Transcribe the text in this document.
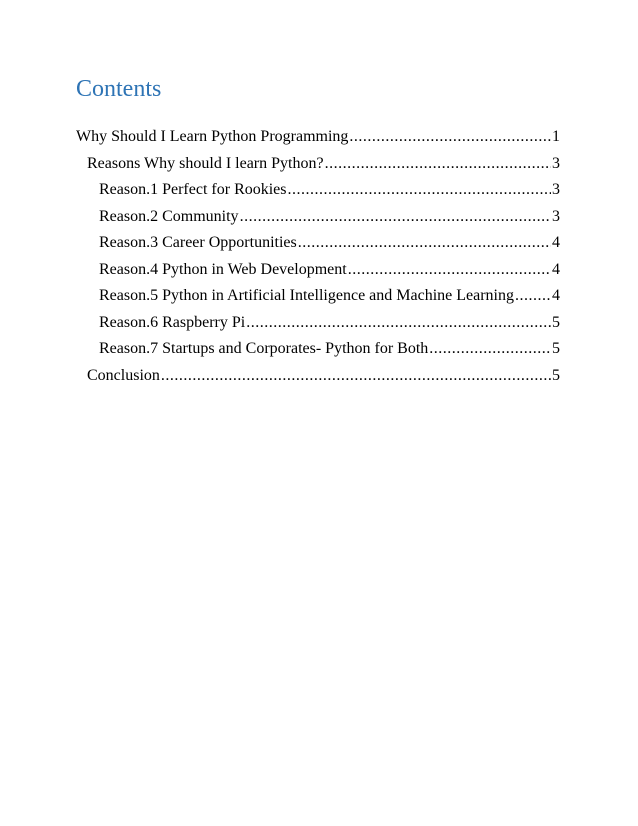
Contents
Why Should I Learn Python Programming .....	1
Reasons Why should I learn Python? .....	3
Reason.1 Perfect for Rookies .....	3
Reason.2 Community .....	3
Reason.3 Career Opportunities .....	4
Reason.4 Python in Web Development .....	4
Reason.5 Python in Artificial Intelligence and Machine Learning ..... 4
Reason.6 Raspberry Pi .....	5
Reason.7 Startups and Corporates- Python for Both .....	5
Conclusion .....	5
